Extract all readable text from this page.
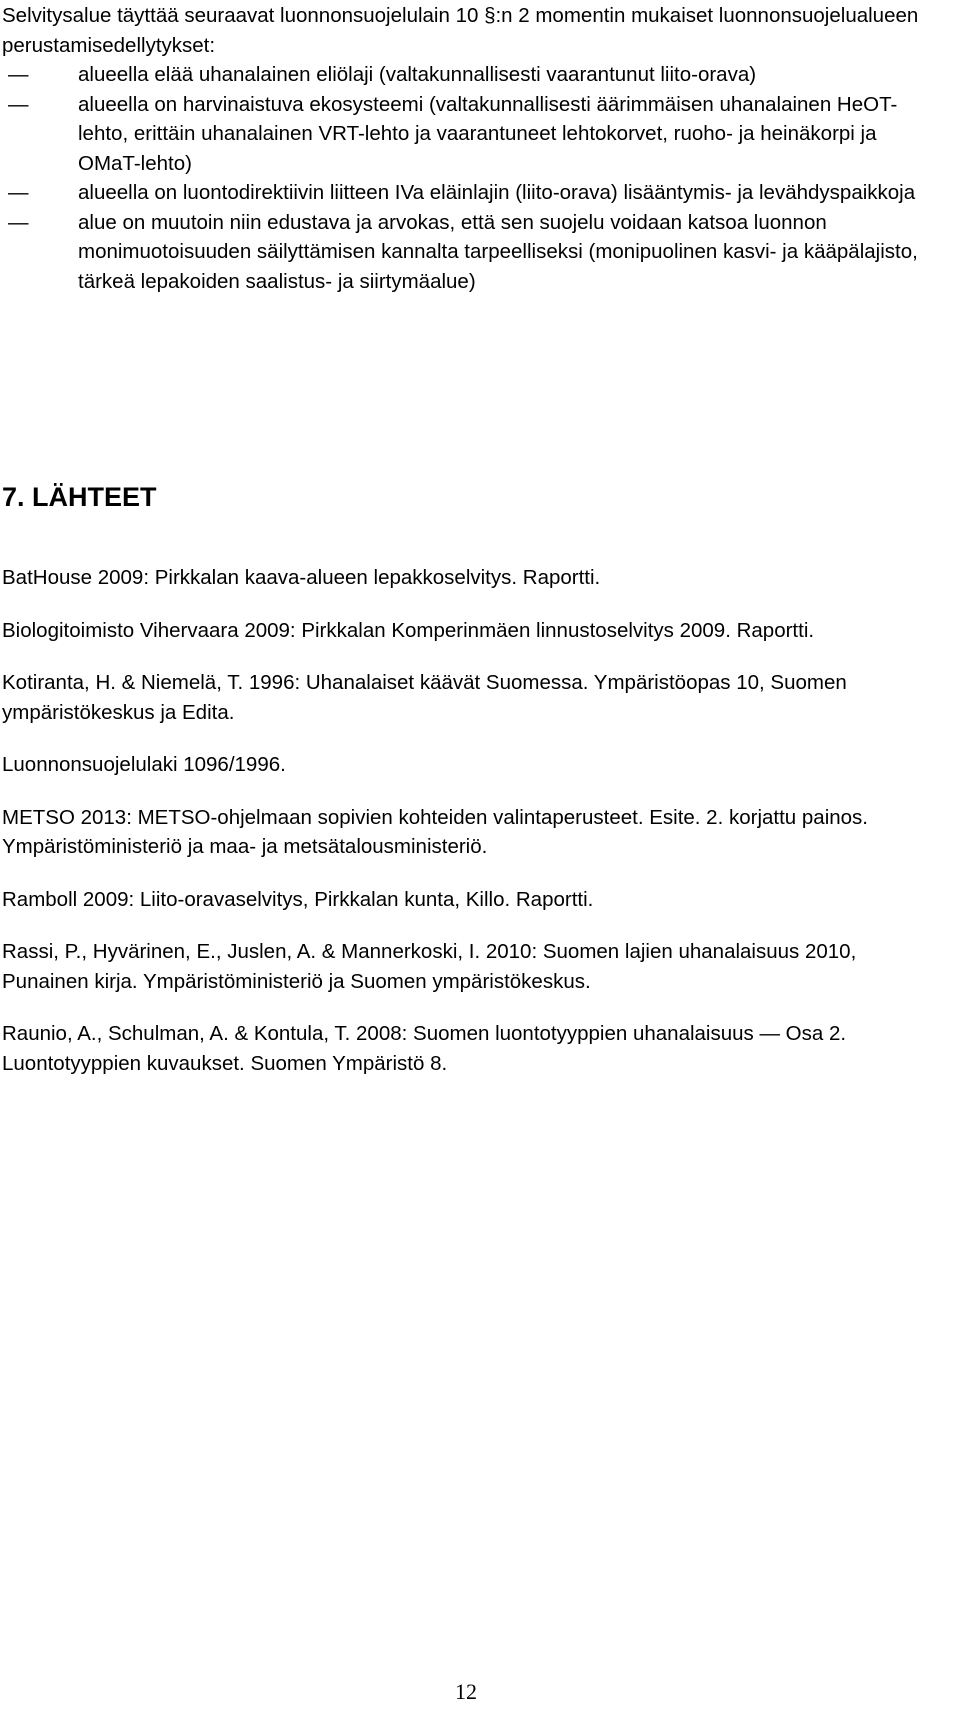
Selvitysalue täyttää seuraavat luonnonsuojelulain 10 §:n 2 momentin mukaiset luonnonsuojelualueen perustamisedellytykset:

— alueella elää uhanalainen eliölaji (valtakunnallisesti vaarantunut liito-orava)
— alueella on harvinaistuva ekosysteemi (valtakunnallisesti äärimmäisen uhanalainen HeOT-lehto, erittäin uhanalainen VRT-lehto ja vaarantuneet lehtokorvet, ruoho- ja heinäkorpi ja OMaT-lehto)
— alueella on luontodirektiivin liitteen IVa eläinlajin (liito-orava) lisääntymis- ja levähdyspaikkoja
— alue on muutoin niin edustava ja arvokas, että sen suojelu voidaan katsoa luonnon monimuotoisuuden säilyttämisen kannalta tarpeelliseksi (monipuolinen kasvi- ja kääpälajisto, tärkeä lepakoiden saalistus- ja siirtymäalue)
7. LÄHTEET

BatHouse 2009: Pirkkalan kaava-alueen lepakkoselvitys. Raportti.

Biologitoimisto Vihervaara 2009: Pirkkalan Komperinmäen linnustoselvitys 2009. Raportti.

Kotiranta, H. & Niemelä, T. 1996: Uhanalaiset käävät Suomessa. Ympäristöopas 10, Suomen ympäristökeskus ja Edita.

Luonnonsuojelulaki 1096/1996.

METSO 2013: METSO-ohjelmaan sopivien kohteiden valintaperusteet. Esite. 2. korjattu painos. Ympäristöministeriö ja maa- ja metsätalousministeriö.

Ramboll 2009: Liito-oravaselvitys, Pirkkalan kunta, Killo. Raportti.

Rassi, P., Hyvärinen, E., Juslen, A. & Mannerkoski, I. 2010: Suomen lajien uhanalaisuus 2010, Punainen kirja. Ympäristöministeriö ja Suomen ympäristökeskus.

Raunio, A., Schulman, A. & Kontula, T. 2008: Suomen luontotyyppien uhanalaisuus — Osa 2. Luontotyyppien kuvaukset. Suomen Ympäristö 8.

12
